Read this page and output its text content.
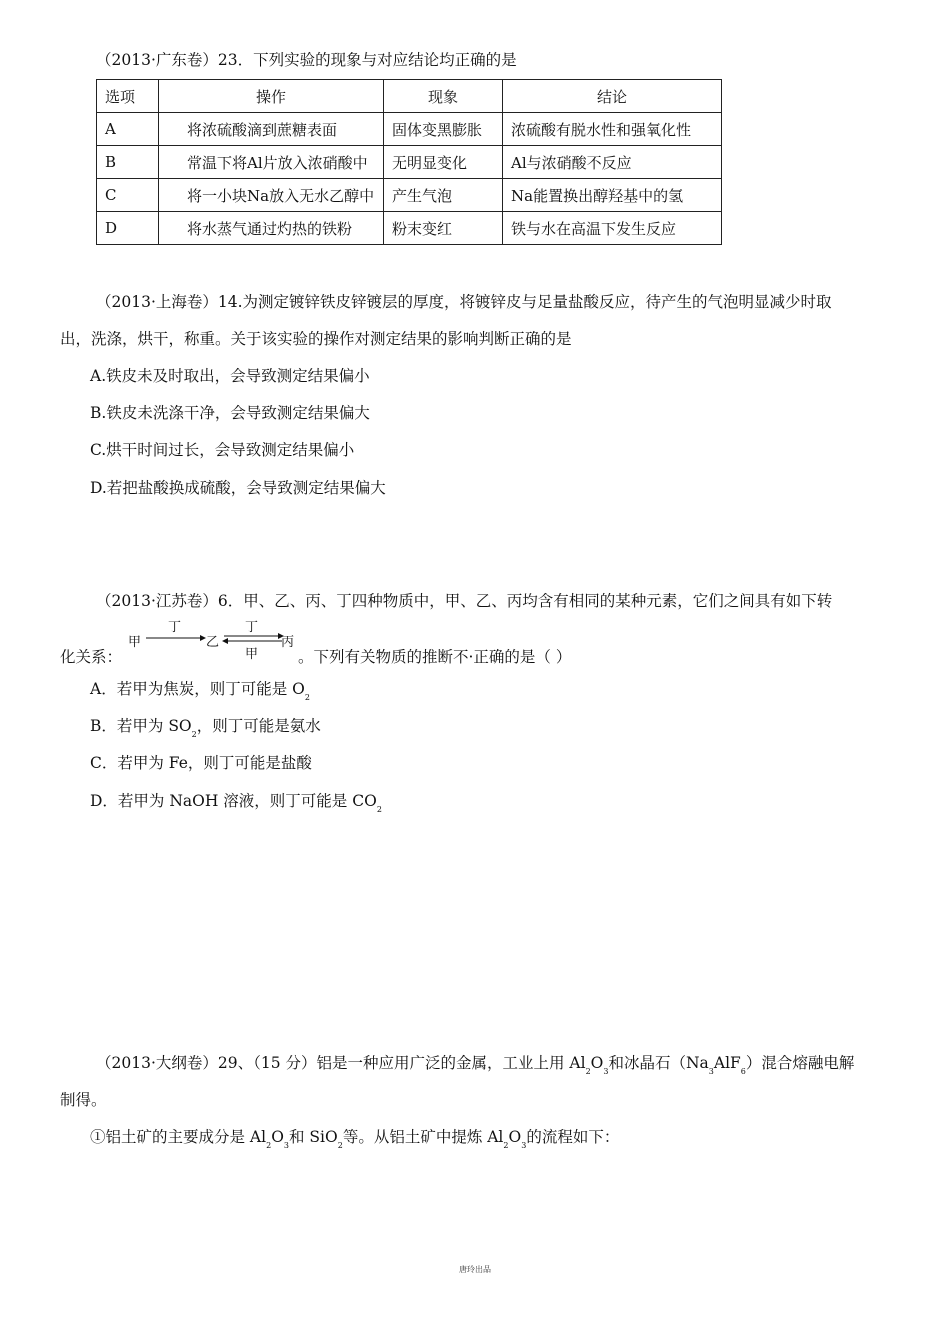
（2013·广东卷）23．下列实验的现象与对应结论均正确的是
选项	操作	现象	结论
A	将浓硫酸滴到蔗糖表面	固体变黑膨胀	浓硫酸有脱水性和强氧化性
B	常温下将Al片放入浓硝酸中	无明显变化	Al与浓硝酸不反应
C	将一小块Na放入无水乙醇中	产生气泡	Na能置换出醇羟基中的氢
D	将水蒸气通过灼热的铁粉	粉末变红	铁与水在高温下发生反应
（2013·上海卷）14.为测定镀锌铁皮锌镀层的厚度，将镀锌皮与足量盐酸反应，待产生的气泡明显减少时取
出，洗涤，烘干，称重。关于该实验的操作对测定结果的影响判断正确的是
A.铁皮未及时取出，会导致测定结果偏小
B.铁皮未洗涤干净，会导致测定结果偏大
C.烘干时间过长，会导致测定结果偏小
D.若把盐酸换成硫酸，会导致测定结果偏大
（2013·江苏卷）6．甲、乙、丙、丁四种物质中，甲、乙、丙均含有相同的某种元素，它们之间具有如下转
化关系：
甲
丁
乙
丁
甲
丙
。下列有关物质的推断不·正确的是（ ）
A．若甲为焦炭，则丁可能是 $O_2$
B．若甲为 $SO_2$，则丁可能是氨水
C．若甲为 Fe，则丁可能是盐酸
D．若甲为 NaOH 溶液，则丁可能是 $CO_2$
（2013·大纲卷）29、（15 分）铝是一种应用广泛的金属，工业上用 $Al_2O_3$和冰晶石$(Na_3AlF_6)$混合熔融电解
制得。
①铝土矿的主要成分是 $Al_2O_3$和 SiO$_2$等。从铝土矿中提炼 $Al_2O_3$的流程如下：
唐玲出品
